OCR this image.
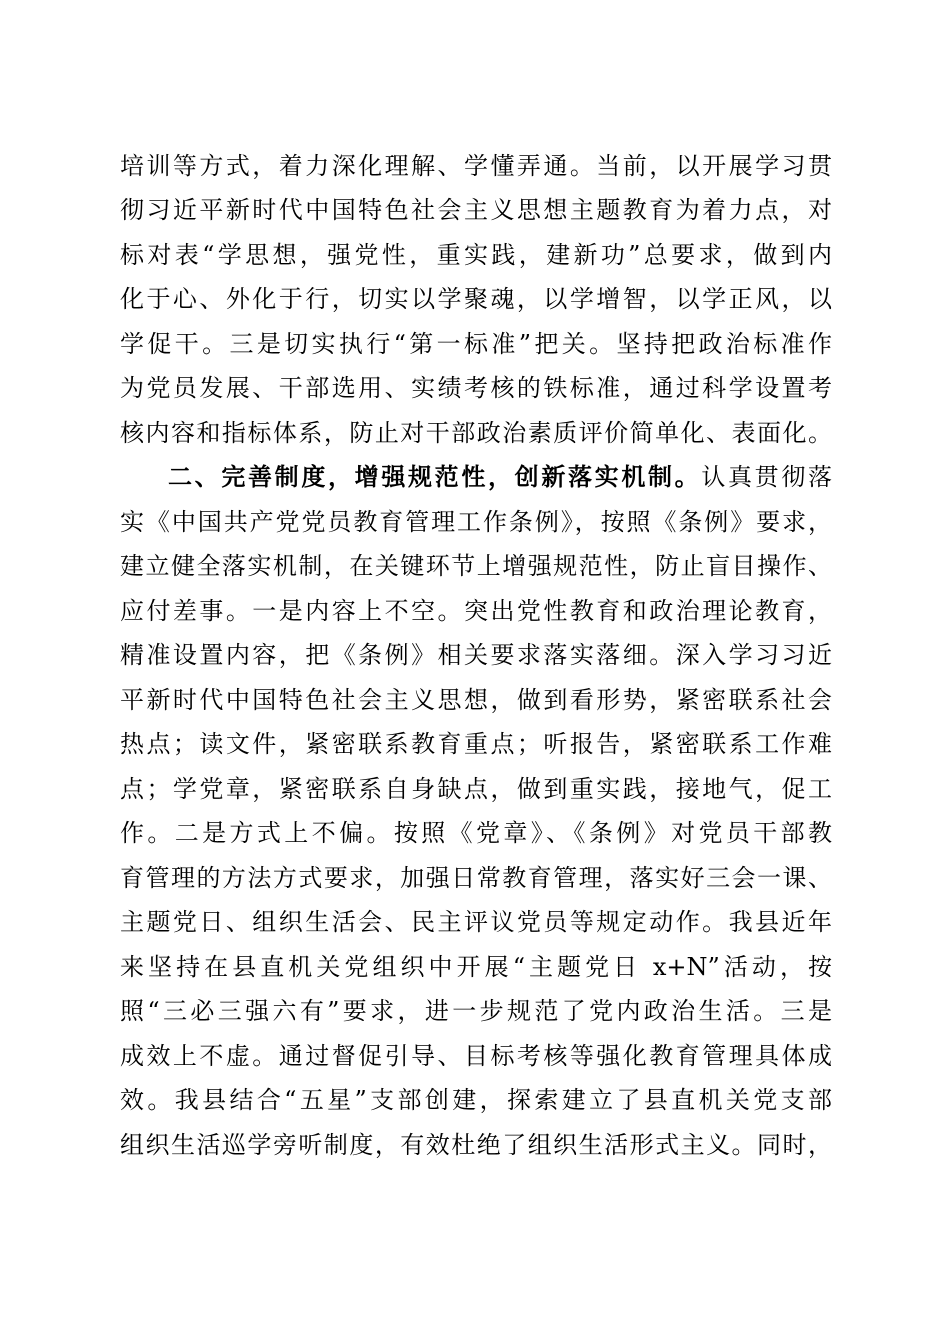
培训等方式，着力深化理解、学懂弄通。当前，以开展学习贯
彻习近平新时代中国特色社会主义思想主题教育为着力点，对
标对表“学思想，强党性，重实践，建新功”总要求，做到内
化于心、外化于行，切实以学聚魂，以学增智，以学正风，以
学促干。三是切实执行“第一标准”把关。坚持把政治标准作
为党员发展、干部选用、实绩考核的铁标准，通过科学设置考
核内容和指标体系，防止对干部政治素质评价简单化、表面化。
二、完善制度，增强规范性，创新落实机制。认真贯彻落
实《中国共产党党员教育管理工作条例》，按照《条例》要求，
建立健全落实机制，在关键环节上增强规范性，防止盲目操作、
应付差事。一是内容上不空。突出党性教育和政治理论教育，
精准设置内容，把《条例》相关要求落实落细。深入学习习近
平新时代中国特色社会主义思想，做到看形势，紧密联系社会
热点；读文件，紧密联系教育重点；听报告，紧密联系工作难
点；学党章，紧密联系自身缺点，做到重实践，接地气，促工
作。二是方式上不偏。按照《党章》、《条例》对党员干部教
育管理的方法方式要求，加强日常教育管理，落实好三会一课、
主题党日、组织生活会、民主评议党员等规定动作。我县近年
来坚持在县直机关党组织中开展“主题党日 x+N”活动，按
照“三必三强六有”要求，进一步规范了党内政治生活。三是
成效上不虚。通过督促引导、目标考核等强化教育管理具体成
效。我县结合“五星”支部创建，探索建立了县直机关党支部
组织生活巡学旁听制度，有效杜绝了组织生活形式主义。同时，
